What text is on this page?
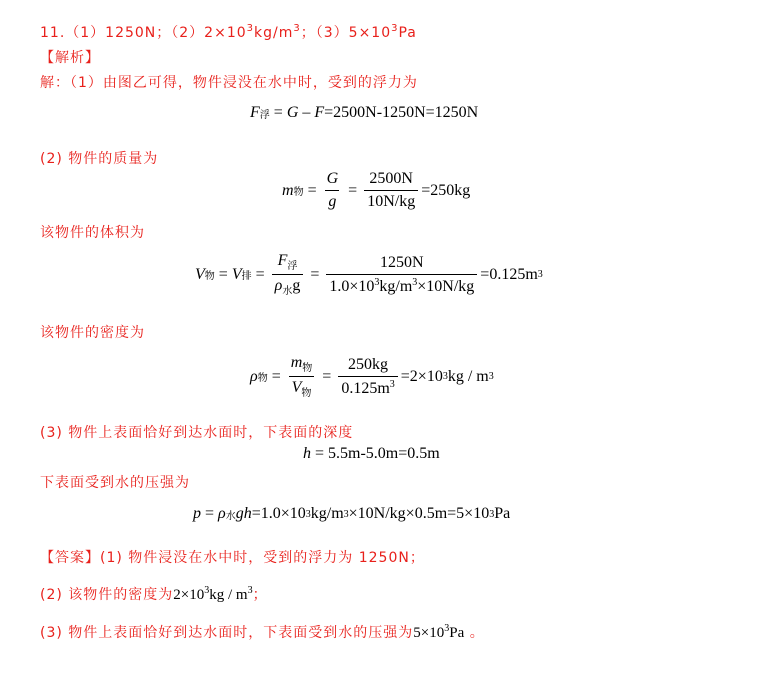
11.（1）1250N；$(2)2\times 10^3kg/m^3$；$(3)5\times 10^3Pa$
【解析】
解：（1）由图乙可得，物件浸没在水中时，受到的浮力为
F 浮 = G – F =2500N-1250N=1250N
(2) 物件的质量为
m 物 = $\frac{G}{g} = \frac{2500N}{10N/kg} =250kg$
该物件的体积为
V 物 = V 排 = $\frac{F_浮}{\rho_水g} = \frac{1250N}{1.0\times 10^3kg/m^3\times 10N/kg} =0.125m$ 3
该物件的密度为
ρ 物 = $\frac{m_物}{V_物} = \frac{250kg}{0.125m^3} =2\times 10$ 3 kg / m 3
(3) 物件上表面恰好到达水面时，下表面的深度
h = 5.5m-5.0m=0.5m
下表面受到水的压强为
p = ρ 水 gh =1.0×10 3 kg/m 3 ×10N/kg×0.5m=5×10 3 Pa
【答案】(1) 物件浸没在水中时，受到的浮力为 1250N；
(2) 该物件的密度为$2\times 10^3kg / m^3$；
(3) 物件上表面恰好到达水面时，下表面受到水的压强为$5\times 10^3Pa$ 。
